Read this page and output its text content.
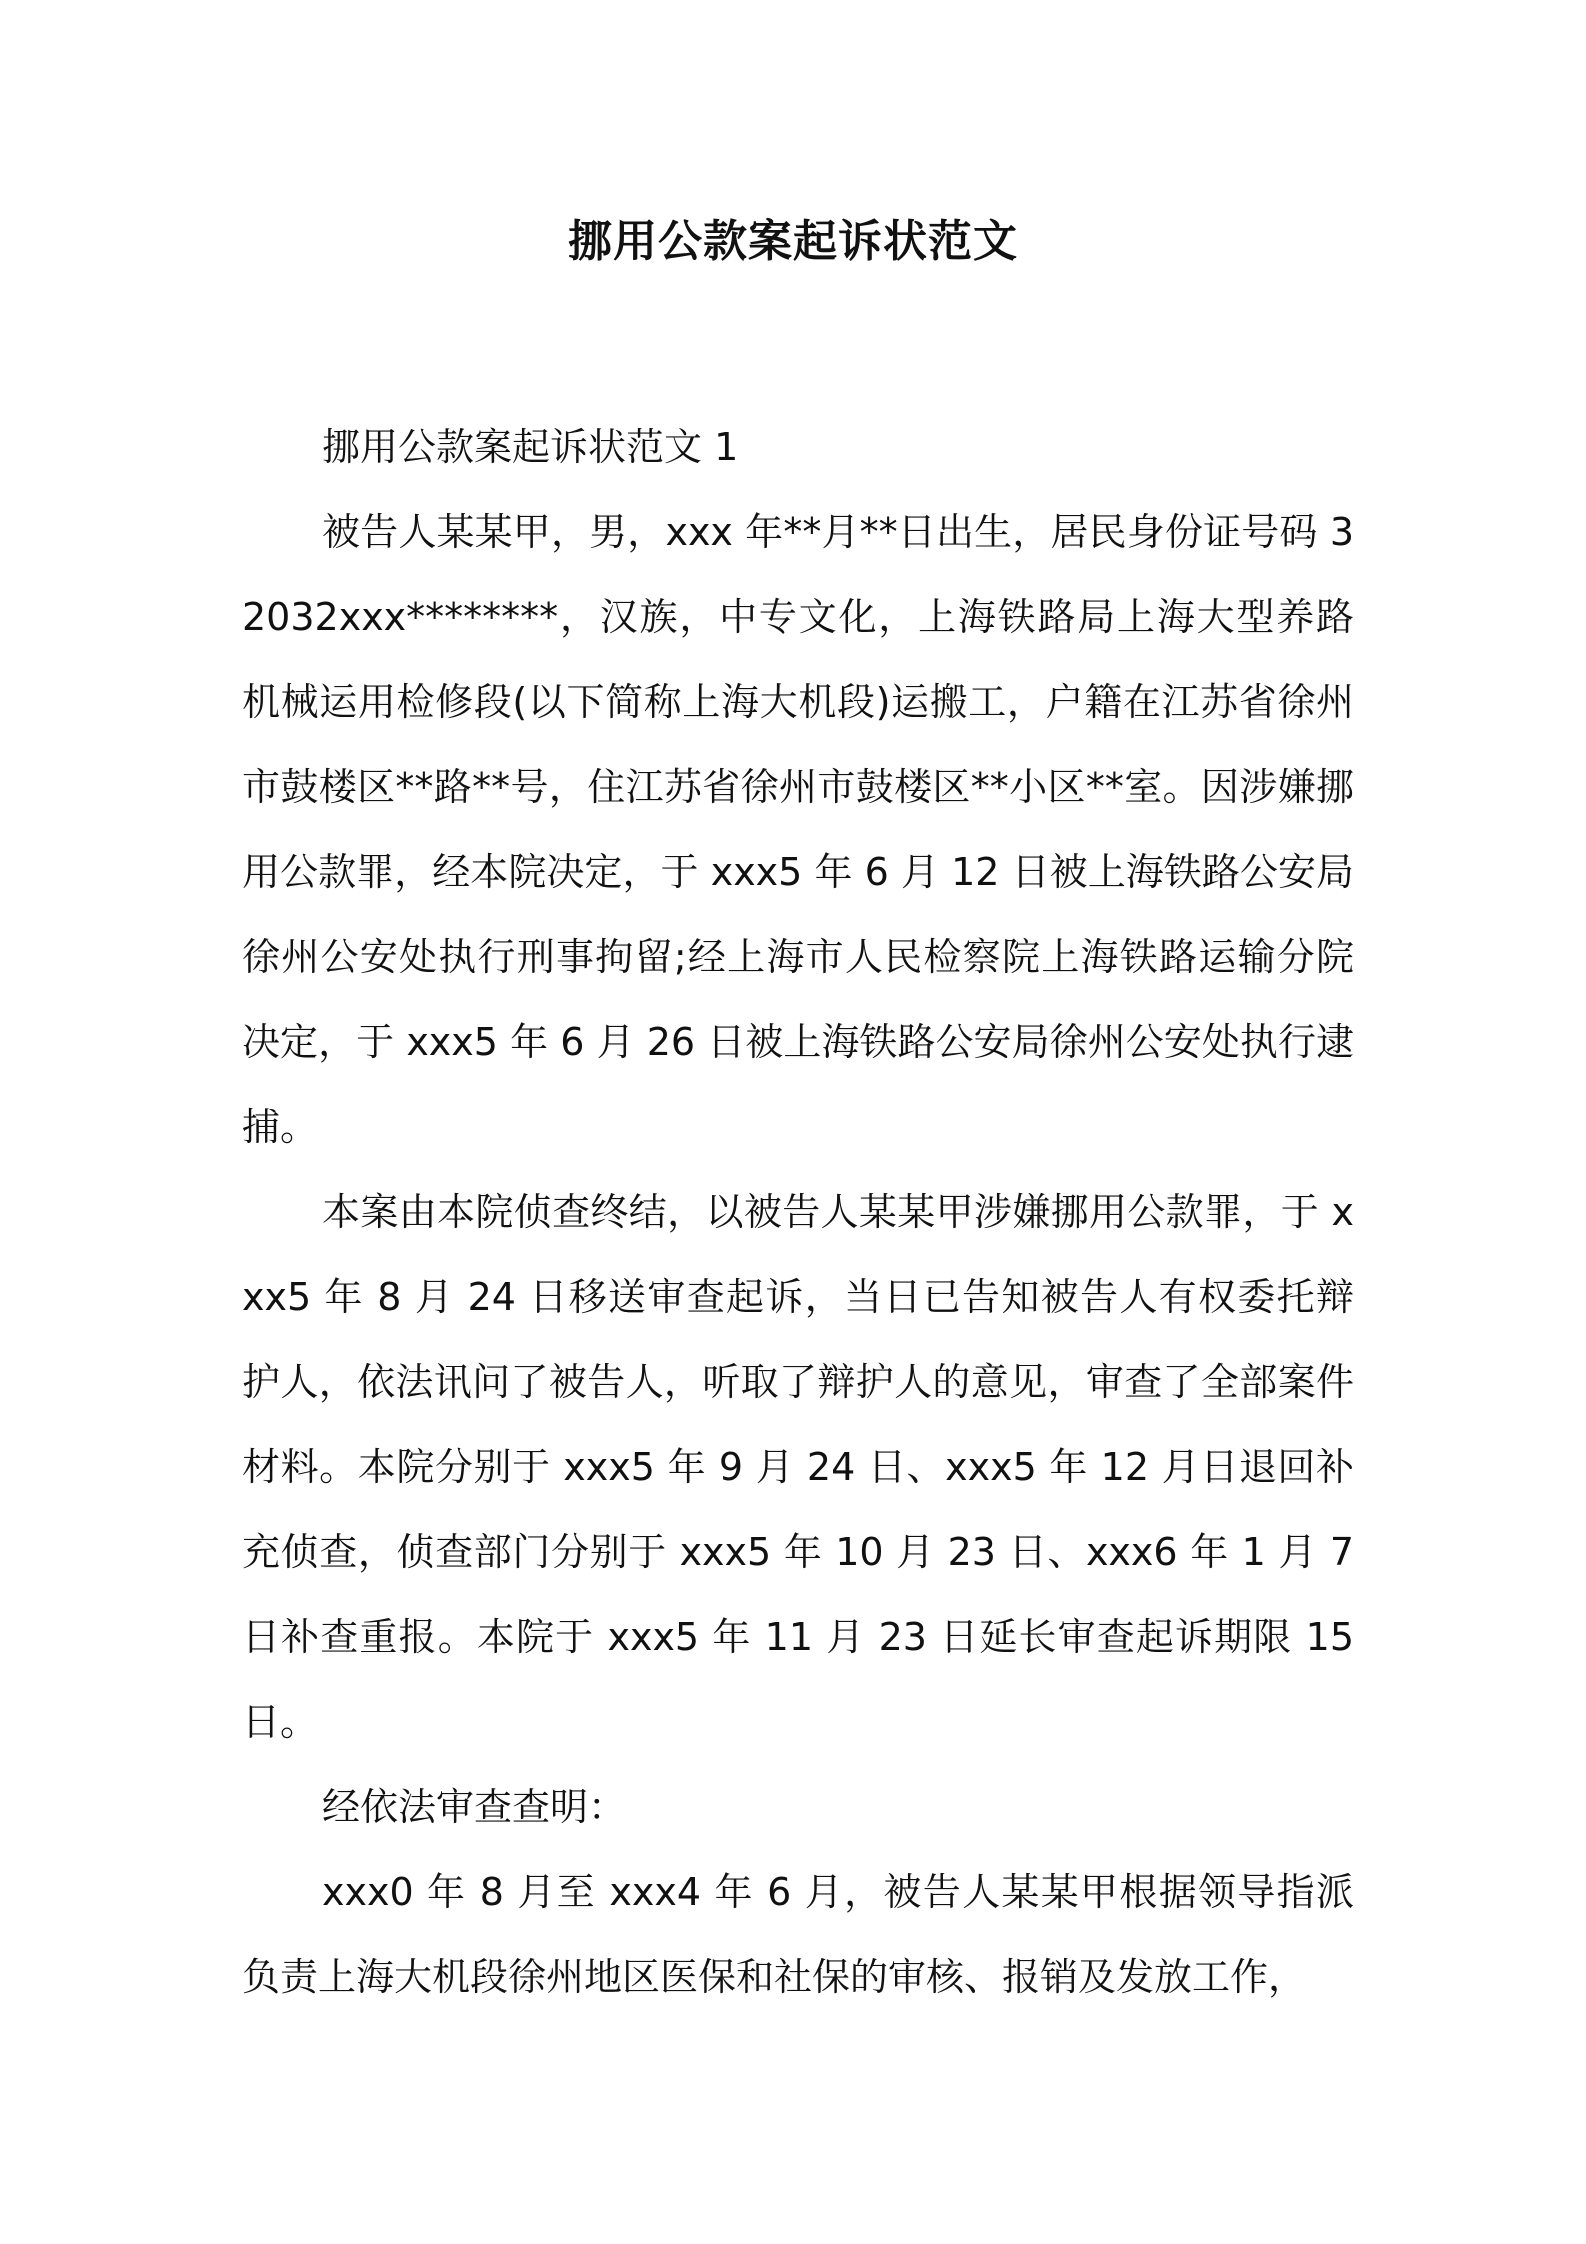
挪用公款案起诉状范文

挪用公款案起诉状范文 1

被告人某某甲，男，xxx 年**月**日出生，居民身份证号码 32032xxx********，汉族，中专文化，上海铁路局上海大型养路机械运用检修段(以下简称上海大机段)运搬工，户籍在江苏省徐州市鼓楼区**路**号，住江苏省徐州市鼓楼区**小区**室。因涉嫌挪用公款罪，经本院决定，于 xxx5 年 6 月 12 日被上海铁路公安局徐州公安处执行刑事拘留;经上海市人民检察院上海铁路运输分院决定，于 xxx5 年 6 月 26 日被上海铁路公安局徐州公安处执行逮捕。

本案由本院侦查终结，以被告人某某甲涉嫌挪用公款罪，于 xxx5 年 8 月 24 日移送审查起诉，当日已告知被告人有权委托辩护人，依法讯问了被告人，听取了辩护人的意见，审查了全部案件材料。本院分别于 xxx5 年 9 月 24 日、xxx5 年 12 月日退回补充侦查，侦查部门分别于 xxx5 年 10 月 23 日、xxx6 年 1 月 7 日补查重报。本院于 xxx5 年 11 月 23 日延长审查起诉期限 15 日。

经依法审查查明：

xxx0 年 8 月至 xxx4 年 6 月，被告人某某甲根据领导指派负责上海大机段徐州地区医保和社保的审核、报销及发放工作，
